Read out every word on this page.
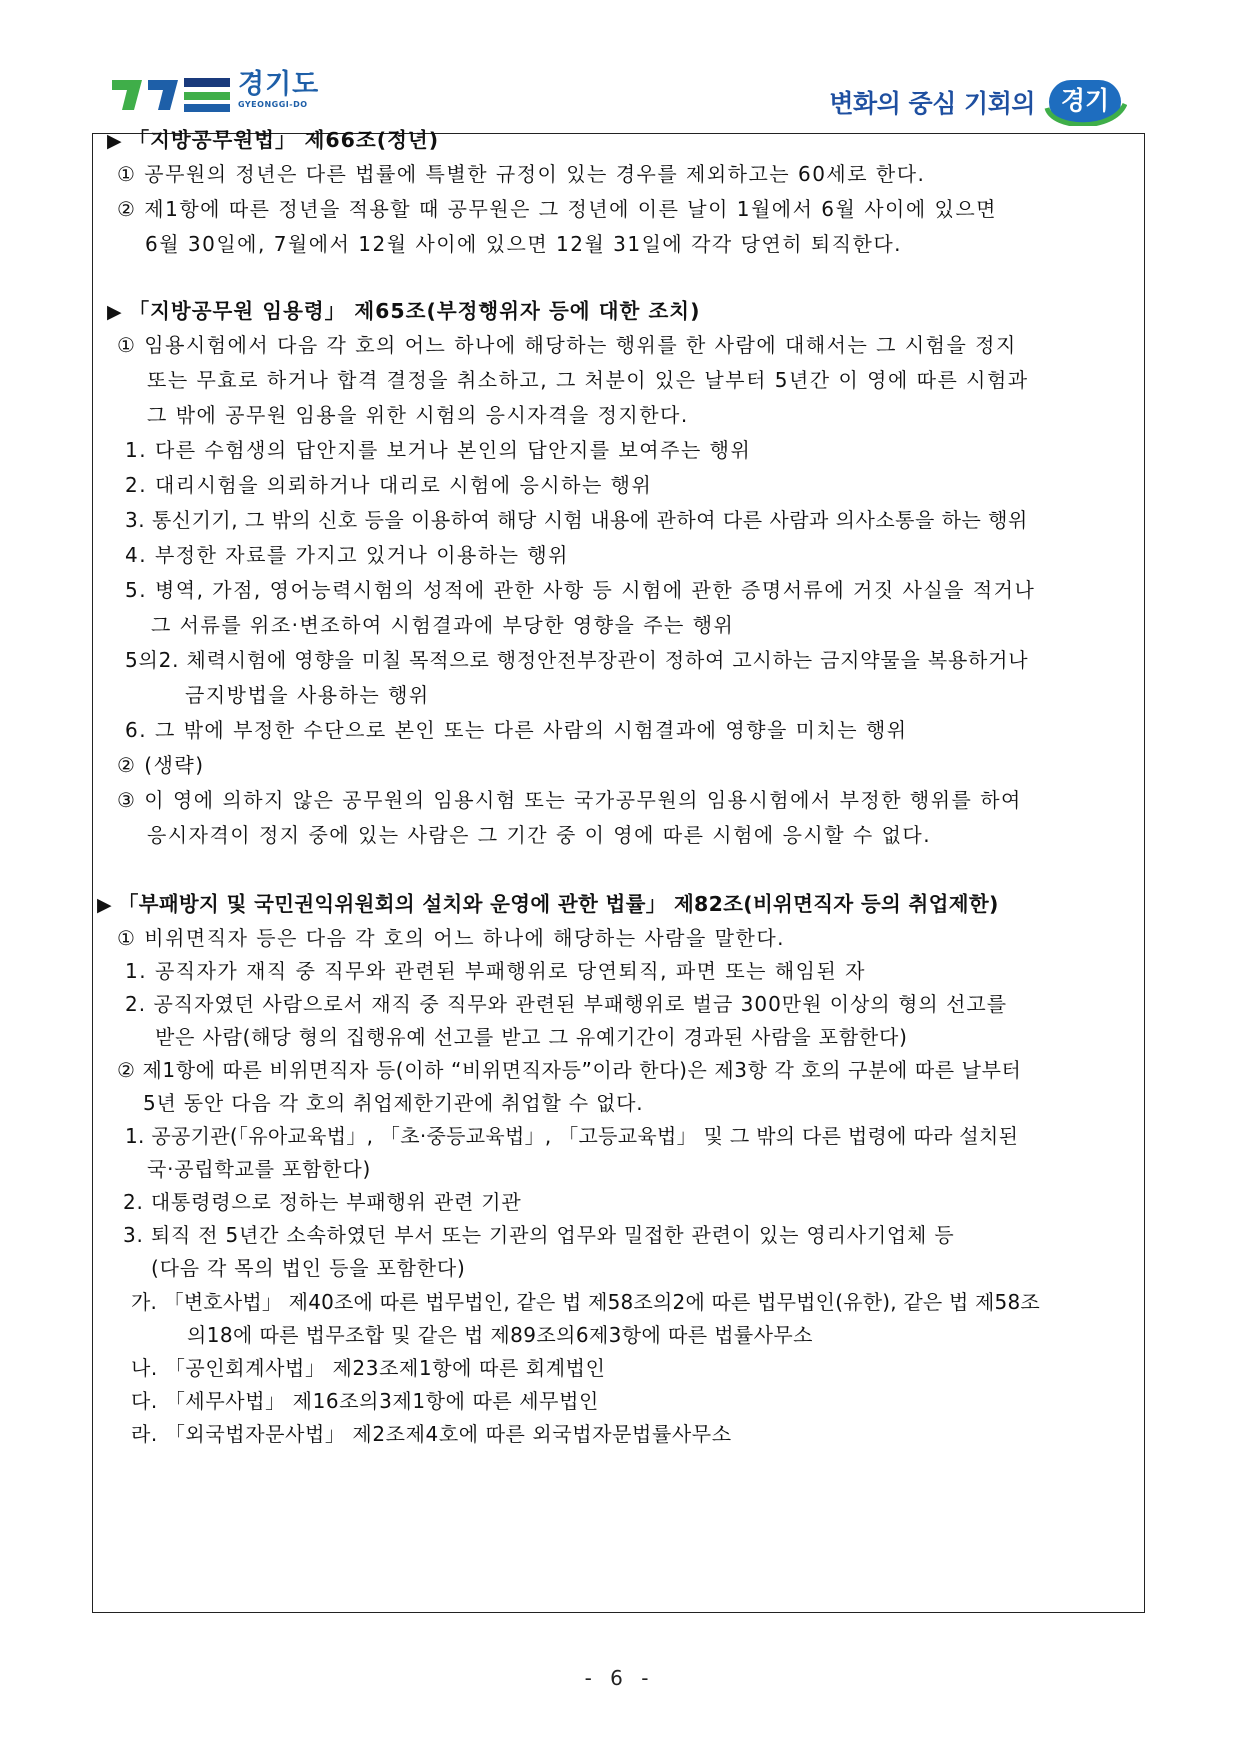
경기도
GYEONGGI-DO	변화의 중심 기회의 경기
▶ 「지방공무원법」 제66조(정년)
① 공무원의 정년은 다른 법률에 특별한 규정이 있는 경우를 제외하고는 60세로 한다.
② 제1항에 따른 정년을 적용할 때 공무원은 그 정년에 이른 날이 1월에서 6월 사이에 있으면
6월 30일에, 7월에서 12월 사이에 있으면 12월 31일에 각각 당연히 퇴직한다.
▶ 「지방공무원 임용령」 제65조(부정행위자 등에 대한 조치)
① 임용시험에서 다음 각 호의 어느 하나에 해당하는 행위를 한 사람에 대해서는 그 시험을 정지
또는 무효로 하거나 합격 결정을 취소하고, 그 처분이 있은 날부터 5년간 이 영에 따른 시험과
그 밖에 공무원 임용을 위한 시험의 응시자격을 정지한다.
1. 다른 수험생의 답안지를 보거나 본인의 답안지를 보여주는 행위
2. 대리시험을 의뢰하거나 대리로 시험에 응시하는 행위
3. 통신기기, 그 밖의 신호 등을 이용하여 해당 시험 내용에 관하여 다른 사람과 의사소통을 하는 행위
4. 부정한 자료를 가지고 있거나 이용하는 행위
5. 병역, 가점, 영어능력시험의 성적에 관한 사항 등 시험에 관한 증명서류에 거짓 사실을 적거나
그 서류를 위조·변조하여 시험결과에 부당한 영향을 주는 행위
5의2. 체력시험에 영향을 미칠 목적으로 행정안전부장관이 정하여 고시하는 금지약물을 복용하거나
금지방법을 사용하는 행위
6. 그 밖에 부정한 수단으로 본인 또는 다른 사람의 시험결과에 영향을 미치는 행위
② (생략)
③ 이 영에 의하지 않은 공무원의 임용시험 또는 국가공무원의 임용시험에서 부정한 행위를 하여
응시자격이 정지 중에 있는 사람은 그 기간 중 이 영에 따른 시험에 응시할 수 없다.
▶ 「부패방지 및 국민권익위원회의 설치와 운영에 관한 법률」 제82조(비위면직자 등의 취업제한)
① 비위면직자 등은 다음 각 호의 어느 하나에 해당하는 사람을 말한다.
1. 공직자가 재직 중 직무와 관련된 부패행위로 당연퇴직, 파면 또는 해임된 자
2. 공직자였던 사람으로서 재직 중 직무와 관련된 부패행위로 벌금 300만원 이상의 형의 선고를
받은 사람(해당 형의 집행유예 선고를 받고 그 유예기간이 경과된 사람을 포함한다)
② 제1항에 따른 비위면직자 등(이하 “비위면직자등”이라 한다)은 제3항 각 호의 구분에 따른 날부터
5년 동안 다음 각 호의 취업제한기관에 취업할 수 없다.
1. 공공기관(「유아교육법」, 「초·중등교육법」, 「고등교육법」 및 그 밖의 다른 법령에 따라 설치된
국·공립학교를 포함한다)
2. 대통령령으로 정하는 부패행위 관련 기관
3. 퇴직 전 5년간 소속하였던 부서 또는 기관의 업무와 밀접한 관련이 있는 영리사기업체 등
(다음 각 목의 법인 등을 포함한다)
가. 「변호사법」 제40조에 따른 법무법인, 같은 법 제58조의2에 따른 법무법인(유한), 같은 법 제58조
의18에 따른 법무조합 및 같은 법 제89조의6제3항에 따른 법률사무소
나. 「공인회계사법」 제23조제1항에 따른 회계법인
다. 「세무사법」 제16조의3제1항에 따른 세무법인
라. 「외국법자문사법」 제2조제4호에 따른 외국법자문법률사무소
- 6 -
